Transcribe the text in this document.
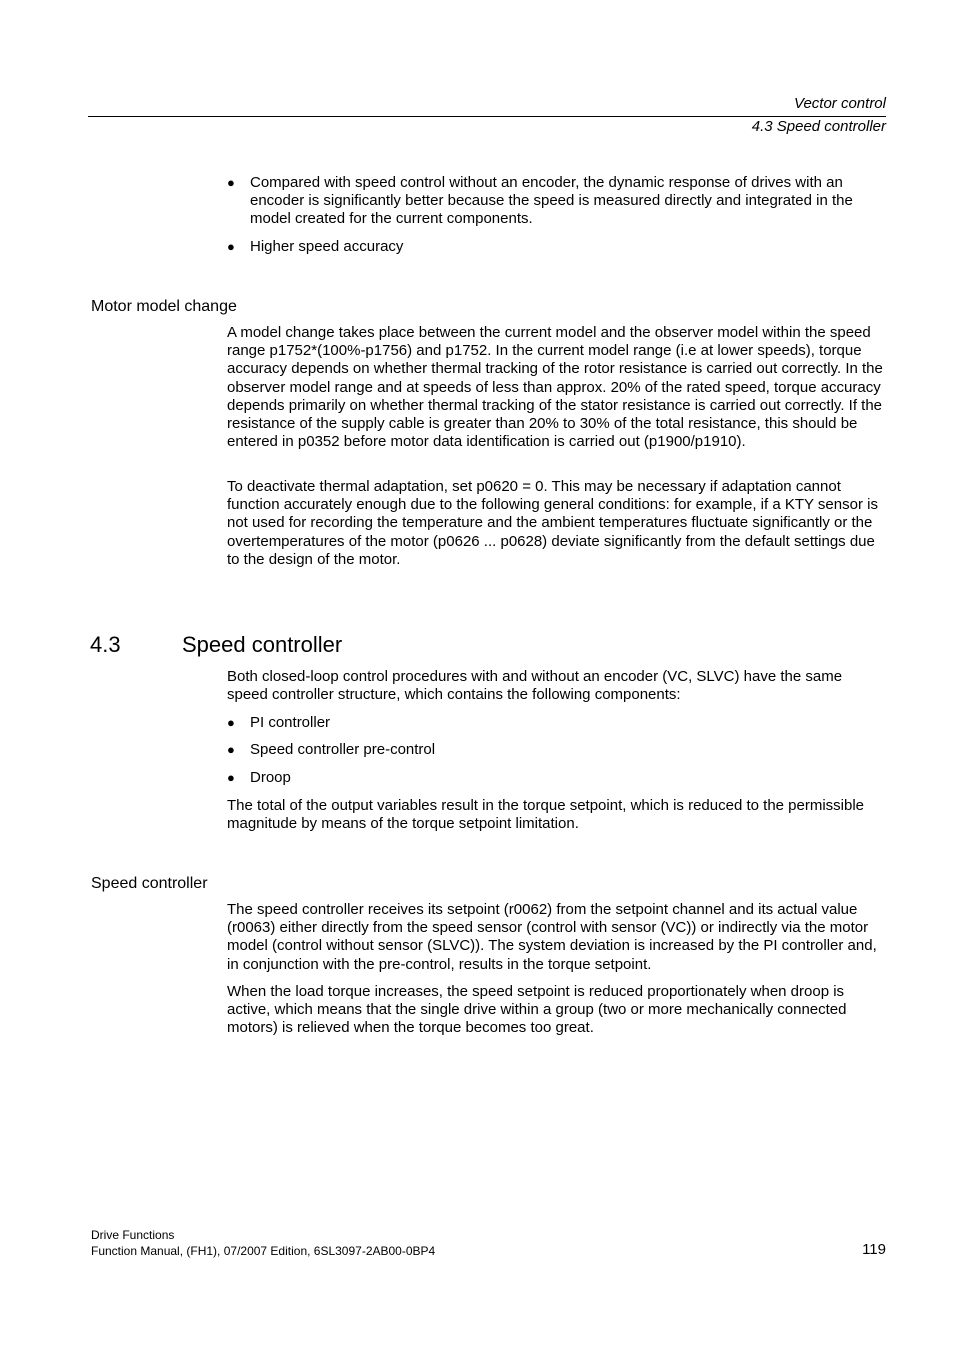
Vector control
4.3 Speed controller
●	Compared with speed control without an encoder, the dynamic response of drives with an encoder is significantly better because the speed is measured directly and integrated in the model created for the current components.
●	Higher speed accuracy
Motor model change
A model change takes place between the current model and the observer model within the speed range p1752*(100%-p1756) and p1752. In the current model range (i.e at lower speeds), torque accuracy depends on whether thermal tracking of the rotor resistance is carried out correctly. In the observer model range and at speeds of less than approx. 20% of the rated speed, torque accuracy depends primarily on whether thermal tracking of the stator resistance is carried out correctly. If the resistance of the supply cable is greater than 20% to 30% of the total resistance, this should be entered in p0352 before motor data identification is carried out (p1900/p1910).
To deactivate thermal adaptation, set p0620 = 0. This may be necessary if adaptation cannot function accurately enough due to the following general conditions: for example, if a KTY sensor is not used for recording the temperature and the ambient temperatures fluctuate significantly or the overtemperatures of the motor (p0626 ... p0628) deviate significantly from the default settings due to the design of the motor.
4.3	Speed controller
Both closed-loop control procedures with and without an encoder (VC, SLVC) have the same speed controller structure, which contains the following components:
●	PI controller
●	Speed controller pre-control
●	Droop
The total of the output variables result in the torque setpoint, which is reduced to the permissible magnitude by means of the torque setpoint limitation.
Speed controller
The speed controller receives its setpoint (r0062) from the setpoint channel and its actual value (r0063) either directly from the speed sensor (control with sensor (VC)) or indirectly via the motor model (control without sensor (SLVC)). The system deviation is increased by the PI controller and, in conjunction with the pre-control, results in the torque setpoint.
When the load torque increases, the speed setpoint is reduced proportionately when droop is active, which means that the single drive within a group (two or more mechanically connected motors) is relieved when the torque becomes too great.
Drive Functions
Function Manual, (FH1), 07/2007 Edition, 6SL3097-2AB00-0BP4	119
